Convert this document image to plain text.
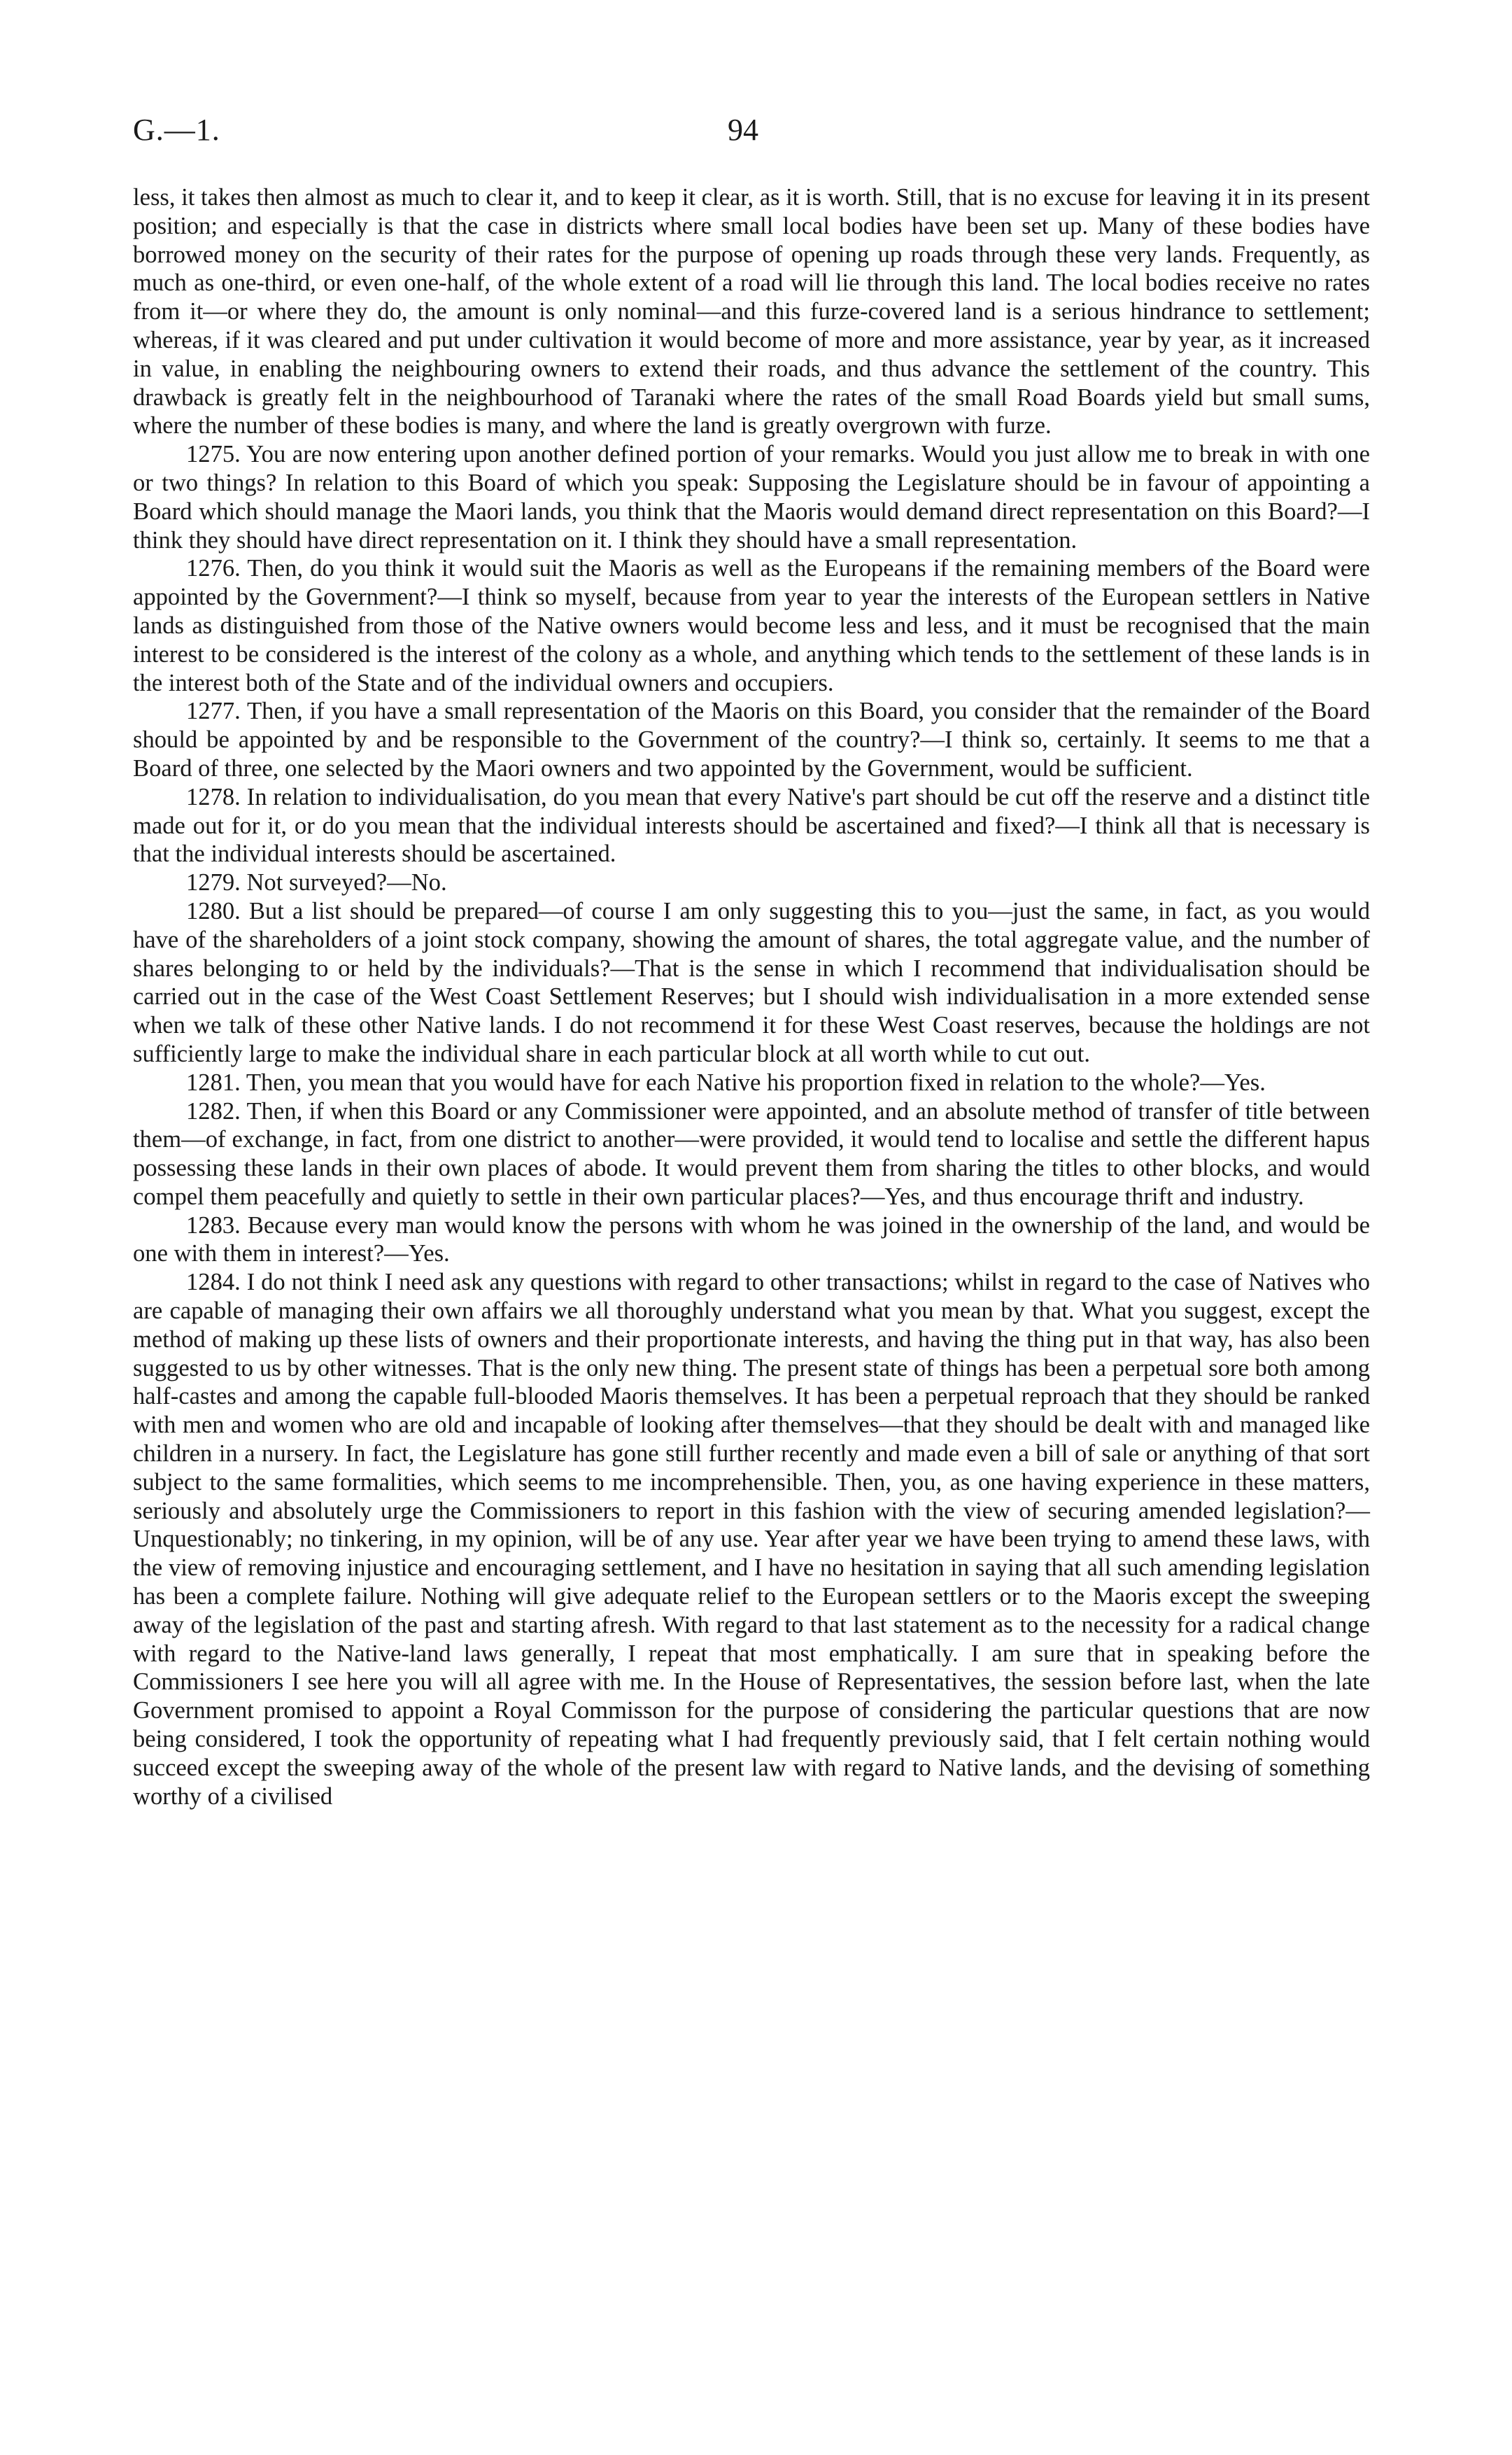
G.—1.	94

less, it takes then almost as much to clear it, and to keep it clear, as it is worth. Still, that is no excuse for leaving it in its present position; and especially is that the case in districts where small local bodies have been set up. Many of these bodies have borrowed money on the security of their rates for the purpose of opening up roads through these very lands. Frequently, as much as one-third, or even one-half, of the whole extent of a road will lie through this land. The local bodies receive no rates from it—or where they do, the amount is only nominal—and this furze-covered land is a serious hindrance to settlement; whereas, if it was cleared and put under cultivation it would become of more and more assistance, year by year, as it increased in value, in enabling the neighbouring owners to extend their roads, and thus advance the settlement of the country. This drawback is greatly felt in the neighbourhood of Taranaki where the rates of the small Road Boards yield but small sums, where the number of these bodies is many, and where the land is greatly overgrown with furze.

1275. You are now entering upon another defined portion of your remarks. Would you just allow me to break in with one or two things? In relation to this Board of which you speak: Supposing the Legislature should be in favour of appointing a Board which should manage the Maori lands, you think that the Maoris would demand direct representation on this Board?—I think they should have direct representation on it. I think they should have a small representation.

1276. Then, do you think it would suit the Maoris as well as the Europeans if the remaining members of the Board were appointed by the Government?—I think so myself, because from year to year the interests of the European settlers in Native lands as distinguished from those of the Native owners would become less and less, and it must be recognised that the main interest to be considered is the interest of the colony as a whole, and anything which tends to the settlement of these lands is in the interest both of the State and of the individual owners and occupiers.

1277. Then, if you have a small representation of the Maoris on this Board, you consider that the remainder of the Board should be appointed by and be responsible to the Government of the country?—I think so, certainly. It seems to me that a Board of three, one selected by the Maori owners and two appointed by the Government, would be sufficient.

1278. In relation to individualisation, do you mean that every Native's part should be cut off the reserve and a distinct title made out for it, or do you mean that the individual interests should be ascertained and fixed?—I think all that is necessary is that the individual interests should be ascertained.

1279. Not surveyed?—No.

1280. But a list should be prepared—of course I am only suggesting this to you—just the same, in fact, as you would have of the shareholders of a joint stock company, showing the amount of shares, the total aggregate value, and the number of shares belonging to or held by the individuals?—That is the sense in which I recommend that individualisation should be carried out in the case of the West Coast Settlement Reserves; but I should wish individualisation in a more extended sense when we talk of these other Native lands. I do not recommend it for these West Coast reserves, because the holdings are not sufficiently large to make the individual share in each particular block at all worth while to cut out.

1281. Then, you mean that you would have for each Native his proportion fixed in relation to the whole?—Yes.

1282. Then, if when this Board or any Commissioner were appointed, and an absolute method of transfer of title between them—of exchange, in fact, from one district to another—were provided, it would tend to localise and settle the different hapus possessing these lands in their own places of abode. It would prevent them from sharing the titles to other blocks, and would compel them peacefully and quietly to settle in their own particular places?—Yes, and thus encourage thrift and industry.

1283. Because every man would know the persons with whom he was joined in the ownership of the land, and would be one with them in interest?—Yes.

1284. I do not think I need ask any questions with regard to other transactions; whilst in regard to the case of Natives who are capable of managing their own affairs we all thoroughly understand what you mean by that. What you suggest, except the method of making up these lists of owners and their proportionate interests, and having the thing put in that way, has also been suggested to us by other witnesses. That is the only new thing. The present state of things has been a perpetual sore both among half-castes and among the capable full-blooded Maoris themselves. It has been a perpetual reproach that they should be ranked with men and women who are old and incapable of looking after themselves—that they should be dealt with and managed like children in a nursery. In fact, the Legislature has gone still further recently and made even a bill of sale or anything of that sort subject to the same formalities, which seems to me incomprehensible. Then, you, as one having experience in these matters, seriously and absolutely urge the Commissioners to report in this fashion with the view of securing amended legislation?—Unquestionably; no tinkering, in my opinion, will be of any use. Year after year we have been trying to amend these laws, with the view of removing injustice and encouraging settlement, and I have no hesitation in saying that all such amending legislation has been a complete failure. Nothing will give adequate relief to the European settlers or to the Maoris except the sweeping away of the legislation of the past and starting afresh. With regard to that last statement as to the necessity for a radical change with regard to the Native-land laws generally, I repeat that most emphatically. I am sure that in speaking before the Commissioners I see here you will all agree with me. In the House of Representatives, the session before last, when the late Government promised to appoint a Royal Commisson for the purpose of considering the particular questions that are now being considered, I took the opportunity of repeating what I had frequently previously said, that I felt certain nothing would succeed except the sweeping away of the whole of the present law with regard to Native lands, and the devising of something worthy of a civilised
